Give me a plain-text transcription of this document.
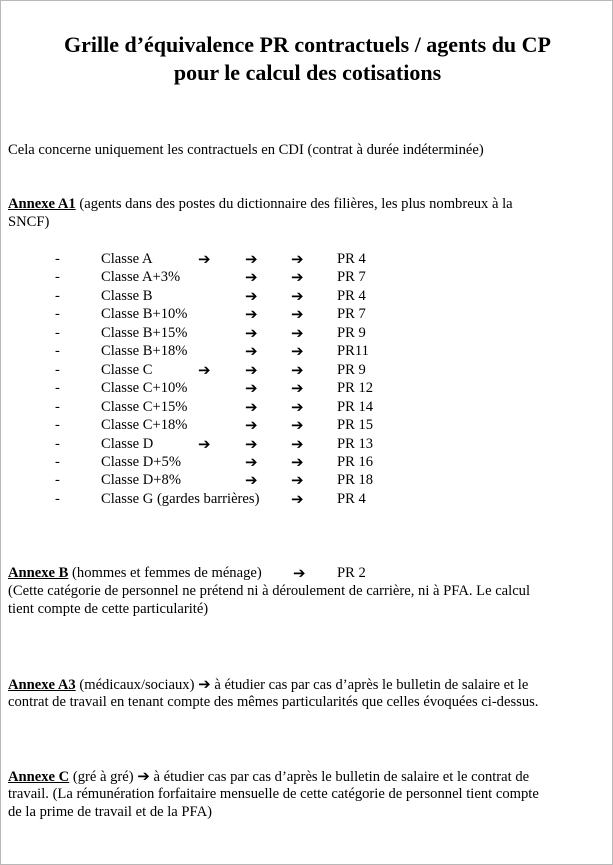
Grille d’équivalence PR contractuels / agents du CP
pour le calcul des cotisations
Cela concerne uniquement les contractuels en CDI (contrat à durée indéterminée)
Annexe A1 (agents dans des postes du dictionnaire des filières, les plus nombreux à la
SNCF)
-	Classe A	➔ ➔ ➔ PR 4
-	Classe A+3%	➔ ➔ PR 7
-	Classe B	➔ ➔ PR 4
-	Classe B+10%	➔ ➔ PR 7
-	Classe B+15%	➔ ➔ PR 9
-	Classe B+18%	➔ ➔ PR11
-	Classe C	➔ ➔ ➔ PR 9
-	Classe C+10%	➔ ➔ PR 12
-	Classe C+15%	➔ ➔ PR 14
-	Classe C+18%	➔ ➔ PR 15
-	Classe D	➔ ➔ ➔ PR 13
-	Classe D+5%	➔ ➔ PR 16
-	Classe D+8%	➔ ➔ PR 18
-	Classe G (gardes barrières) ➔ PR 4
Annexe B (hommes et femmes de ménage) ➔ PR 2
(Cette catégorie de personnel ne prétend ni à déroulement de carrière, ni à PFA. Le calcul
tient compte de cette particularité)
Annexe A3 (médicaux/sociaux) ➔ à étudier cas par cas d’après le bulletin de salaire et le
contrat de travail en tenant compte des mêmes particularités que celles évoquées ci-dessus.
Annexe C (gré à gré) ➔ à étudier cas par cas d’après le bulletin de salaire et le contrat de
travail. (La rémunération forfaitaire mensuelle de cette catégorie de personnel tient compte
de la prime de travail et de la PFA)
